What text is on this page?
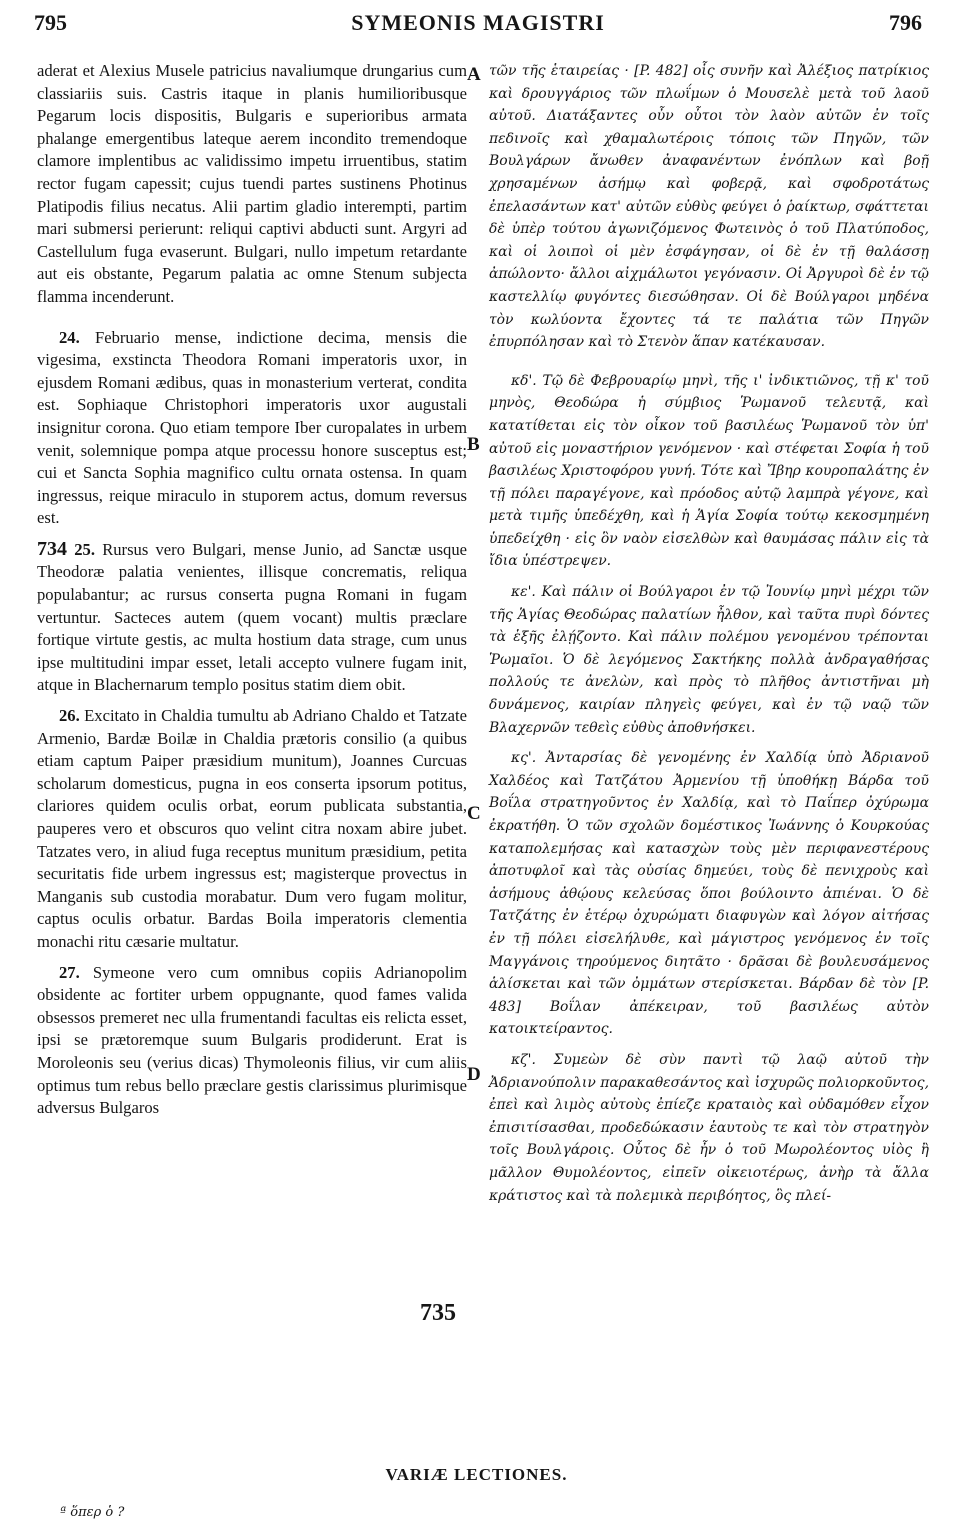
795	SYMEONIS MAGISTRI	796
A
B
C
D
735

aderat et Alexius Musele patricius navaliumque drungarius cum classiariis suis. Castris itaque in planis humilioribusque Pegarum locis dispositis, Bulgaris e superioribus armata phalange emergentibus lateque aerem incondito tremendoque clamore implentibus ac validissimo impetu irruentibus, statim rector fugam capessit; cujus tuendi partes sustinens Photinus Platipodis filius necatus. Alii partim gladio interempti, partim mari submersi perierunt: reliqui captivi abducti sunt. Argyri ad Castellulum fuga evaserunt. Bulgari, nullo impetum retardante aut eis obstante, Pegarum palatia ac omne Stenum subjecta flamma incenderunt.

24. Februario mense, indictione decima, mensis die vigesima, exstincta Theodora Romani imperatoris uxor, in ejusdem Romani ædibus, quas in monasterium verterat, condita est. Sophiaque Christophori imperatoris uxor augustali insignitur corona. Quo etiam tempore Iber curopalates in urbem venit, solemnique pompa atque processu honore susceptus est; cui et Sancta Sophia magnifico cultu ornata ostensa. In quam ingressus, reique miraculo in stuporem actus, domum reversus est.

734 25. Rursus vero Bulgari, mense Junio, ad Sanctæ usque Theodoræ palatia venientes, illisque concrematis, reliqua populabantur; ac rursus conserta pugna Romani in fugam vertuntur. Sacteces autem (quem vocant) multis præclare fortique virtute gestis, ac multa hostium data strage, cum unus ipse multitudini impar esset, letali accepto vulnere fugam init, atque in Blachernarum templo positus statim diem obit.

26. Excitato in Chaldia tumultu ab Adriano Chaldo et Tatzate Armenio, Bardæ Boilæ in Chaldia prætoris consilio (a quibus etiam captum Paiper præsidium munitum), Joannes Curcuas scholarum domesticus, pugna in eos conserta ipsorum potitus, clariores quidem oculis orbat, eorum publicata substantia, pauperes vero et obscuros quo velint citra noxam abire jubet. Tatzates vero, in aliud fuga receptus munitum præsidium, petita securitatis fide urbem ingressus est; magisterque provectus in Manganis sub custodia morabatur. Dum vero fugam molitur, captus oculis orbatur. Bardas Boila imperatoris clementia monachi ritu cæsarie multatur.

27. Symeone vero cum omnibus copiis Adrianopolim obsidente ac fortiter urbem oppugnante, quod fames valida obsessos premeret nec ulla frumentandi facultas eis relicta esset, ipsi se prætoremque suum Bulgaris prodiderunt. Erat is Moroleonis seu (verius dicas) Thymoleonis filius, vir cum aliis optimus tum rebus bello præclare gestis clarissimus plurimisque adversus Bulgaros

τῶν τῆς ἑταιρείας · [P. 482] οἷς συνῆν καὶ Ἀλέξιος πατρίκιος καὶ δρουγγάριος τῶν πλωΐμων ὁ Μουσελὲ μετὰ τοῦ λαοῦ αὐτοῦ. Διατάξαντες οὖν οὗτοι τὸν λαὸν αὐτῶν ἐν τοῖς πεδινοῖς καὶ χθαμαλωτέροις τόποις τῶν Πηγῶν, τῶν Βουλγάρων ἄνωθεν ἀναφανέντων ἐνόπλων καὶ βοῇ χρησαμένων ἀσήμῳ καὶ φοβερᾷ, καὶ σφοδροτάτως ἐπελασάντων κατ' αὐτῶν εὐθὺς φεύγει ὁ ῥαίκτωρ, σφάττεται δὲ ὑπὲρ τούτου ἀγωνιζόμενος Φωτεινὸς ὁ τοῦ Πλατύποδος, καὶ οἱ λοιποὶ οἱ μὲν ἐσφάγησαν, οἱ δὲ ἐν τῇ θαλάσσῃ ἀπώλοντο· ἄλλοι αἰχμάλωτοι γεγόνασιν. Οἱ Ἀργυροὶ δὲ ἐν τῷ καστελλίῳ φυγόντες διεσώθησαν. Οἱ δὲ Βούλγαροι μηδένα τὸν κωλύοντα ἔχοντες τά τε παλάτια τῶν Πηγῶν ἐπυρπόλησαν καὶ τὸ Στενὸν ἅπαν κατέκαυσαν.

κδ'. Τῷ δὲ Φεβρουαρίῳ μηνὶ, τῆς ι' ἰνδικτιῶνος, τῇ κ' τοῦ μηνὸς, Θεοδώρα ἡ σύμβιος Ῥωμανοῦ τελευτᾷ, καὶ κατατίθεται εἰς τὸν οἶκον τοῦ βασιλέως Ῥωμανοῦ τὸν ὑπ' αὐτοῦ εἰς μοναστήριον γενόμενον · καὶ στέφεται Σοφία ἡ τοῦ βασιλέως Χριστοφόρου γυνή. Τότε καὶ Ἴβηρ κουροπαλάτης ἐν τῇ πόλει παραγέγονε, καὶ πρόοδος αὐτῷ λαμπρὰ γέγονε, καὶ μετὰ τιμῆς ὑπεδέχθη, καὶ ἡ Ἁγία Σοφία τούτῳ κεκοσμημένη ὑπεδείχθη · εἰς ὃν ναὸν εἰσελθὼν καὶ θαυμάσας πάλιν εἰς τὰ ἴδια ὑπέστρεψεν.

κε'. Καὶ πάλιν οἱ Βούλγαροι ἐν τῷ Ἰουνίῳ μηνὶ μέχρι τῶν τῆς Ἁγίας Θεοδώρας παλατίων ἦλθον, καὶ ταῦτα πυρὶ δόντες τὰ ἑξῆς ἐλῄζοντο. Καὶ πάλιν πολέμου γενομένου τρέπονται Ῥωμαῖοι. Ὁ δὲ λεγόμενος Σακτήκης πολλὰ ἀνδραγαθήσας πολλούς τε ἀνελὼν, καὶ πρὸς τὸ πλῆθος ἀντιστῆναι μὴ δυνάμενος, καιρίαν πληγεὶς φεύγει, καὶ ἐν τῷ ναῷ τῶν Βλαχερνῶν τεθεὶς εὐθὺς ἀποθνήσκει.

κς'. Ἀνταρσίας δὲ γενομένης ἐν Χαλδίᾳ ὑπὸ Ἀδριανοῦ Χαλδέος καὶ Τατζάτου Ἀρμενίου τῇ ὑποθήκῃ Βάρδα τοῦ Βοΐλα στρατηγοῦντος ἐν Χαλδίᾳ, καὶ τὸ Παΐπερ ὀχύρωμα ἐκρατήθη. Ὁ τῶν σχολῶν δομέστικος Ἰωάννης ὁ Κουρκούας καταπολεμήσας καὶ κατασχὼν τοὺς μὲν περιφανεστέρους ἀποτυφλοῖ καὶ τὰς οὐσίας δημεύει, τοὺς δὲ πενιχροὺς καὶ ἀσήμους ἀθῴους κελεύσας ὅποι βούλοιντο ἀπιέναι. Ὁ δὲ Τατζάτης ἐν ἑτέρῳ ὀχυρώματι διαφυγὼν καὶ λόγον αἰτήσας ἐν τῇ πόλει εἰσελήλυθε, καὶ μάγιστρος γενόμενος ἐν τοῖς Μαγγάνοις τηρούμενος διητᾶτο · δρᾶσαι δὲ βουλευσάμενος ἁλίσκεται καὶ τῶν ὀμμάτων στερίσκεται. Βάρδαν δὲ τὸν [P. 483] Βοΐλαν ἀπέκειραν, τοῦ βασιλέως αὐτὸν κατοικτείραντος.

κζ'. Συμεὼν δὲ σὺν παντὶ τῷ λαῷ αὐτοῦ τὴν Ἀδριανούπολιν παρακαθεσάντος καὶ ἰσχυρῶς πολιορκοῦντος, ἐπεὶ καὶ λιμὸς αὐτοὺς ἐπίεζε κραταιὸς καὶ οὐδαμόθεν εἶχον ἐπισιτίσασθαι, προδεδώκασιν ἑαυτοὺς τε καὶ τὸν στρατηγὸν τοῖς Βουλγάροις. Οὗτος δὲ ἦν ὁ τοῦ Μωρολέοντος υἱὸς ἢ μᾶλλον Θυμολέοντος, εἰπεῖν οἰκειοτέρως, ἀνὴρ τὰ ἄλλα κράτιστος καὶ τὰ πολεμικὰ περιβόητος, ὃς πλεί-

VARIÆ LECTIONES.
ª ὅπερ ὁ ?
